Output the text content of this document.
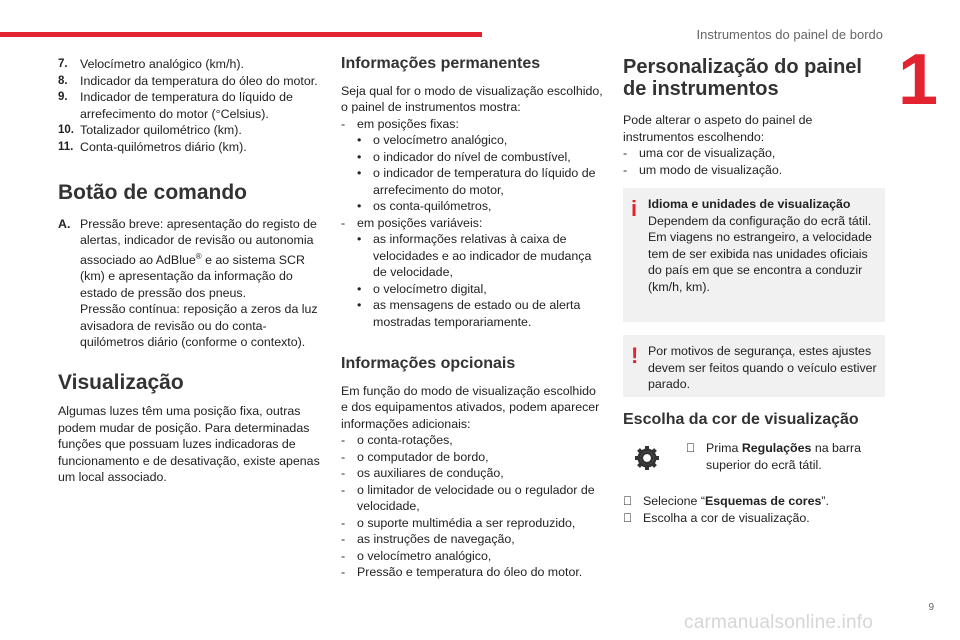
Instrumentos do painel de bordo
1
7.	Velocímetro analógico (km/h).
8.	Indicador da temperatura do óleo do motor.
9.	Indicador de temperatura do líquido de arrefecimento do motor (°Celsius).
10. Totalizador quilométrico (km).
11. Conta-quilómetros diário (km).
Botão de comando
A. Pressão breve: apresentação do registo de alertas, indicador de revisão ou autonomia associado ao AdBlue® e ao sistema SCR (km) e apresentação da informação do estado de pressão dos pneus.

Pressão contínua: reposição a zeros da luz avisadora de revisão ou do conta-quilómetros diário (conforme o contexto).

Visualização

Algumas luzes têm uma posição fixa, outras podem mudar de posição. Para determinadas funções que possuam luzes indicadoras de funcionamento e de desativação, existe apenas um local associado.

Informações permanentes

Seja qual for o modo de visualização escolhido, o painel de instrumentos mostra:

- em posições fixas:
• o velocímetro analógico,
• o indicador do nível de combustível,
• o indicador de temperatura do líquido de arrefecimento do motor,
• os conta-quilómetros,
- em posições variáveis:
• as informações relativas à caixa de velocidades e ao indicador de mudança de velocidade,
• o velocímetro digital,
• as mensagens de estado ou de alerta mostradas temporariamente.
Informações opcionais

Em função do modo de visualização escolhido e dos equipamentos ativados, podem aparecer informações adicionais:

- o conta-rotações,
- o computador de bordo,
- os auxiliares de condução,
- o limitador de velocidade ou o regulador de velocidade,
- o suporte multimédia a ser reproduzido,
- as instruções de navegação,
- o velocímetro analógico,
- Pressão e temperatura do óleo do motor.
Personalização do painel de instrumentos

Pode alterar o aspeto do painel de instrumentos escolhendo:

- uma cor de visualização,
- um modo de visualização.
i Idioma e unidades de visualização

Dependem da configuração do ecrã tátil. Em viagens no estrangeiro, a velocidade tem de ser exibida nas unidades oficiais do país em que se encontra a conduzir (km/h, km).

! Por motivos de segurança, estes ajustes devem ser feitos quando o veículo estiver parado.

Escolha da cor de visualização
Prima Regulações na barra superior do ecrã tátil.
Selecione “Esquemas de cores”.
Escolha a cor de visualização.
carmanualsonline.info
9
